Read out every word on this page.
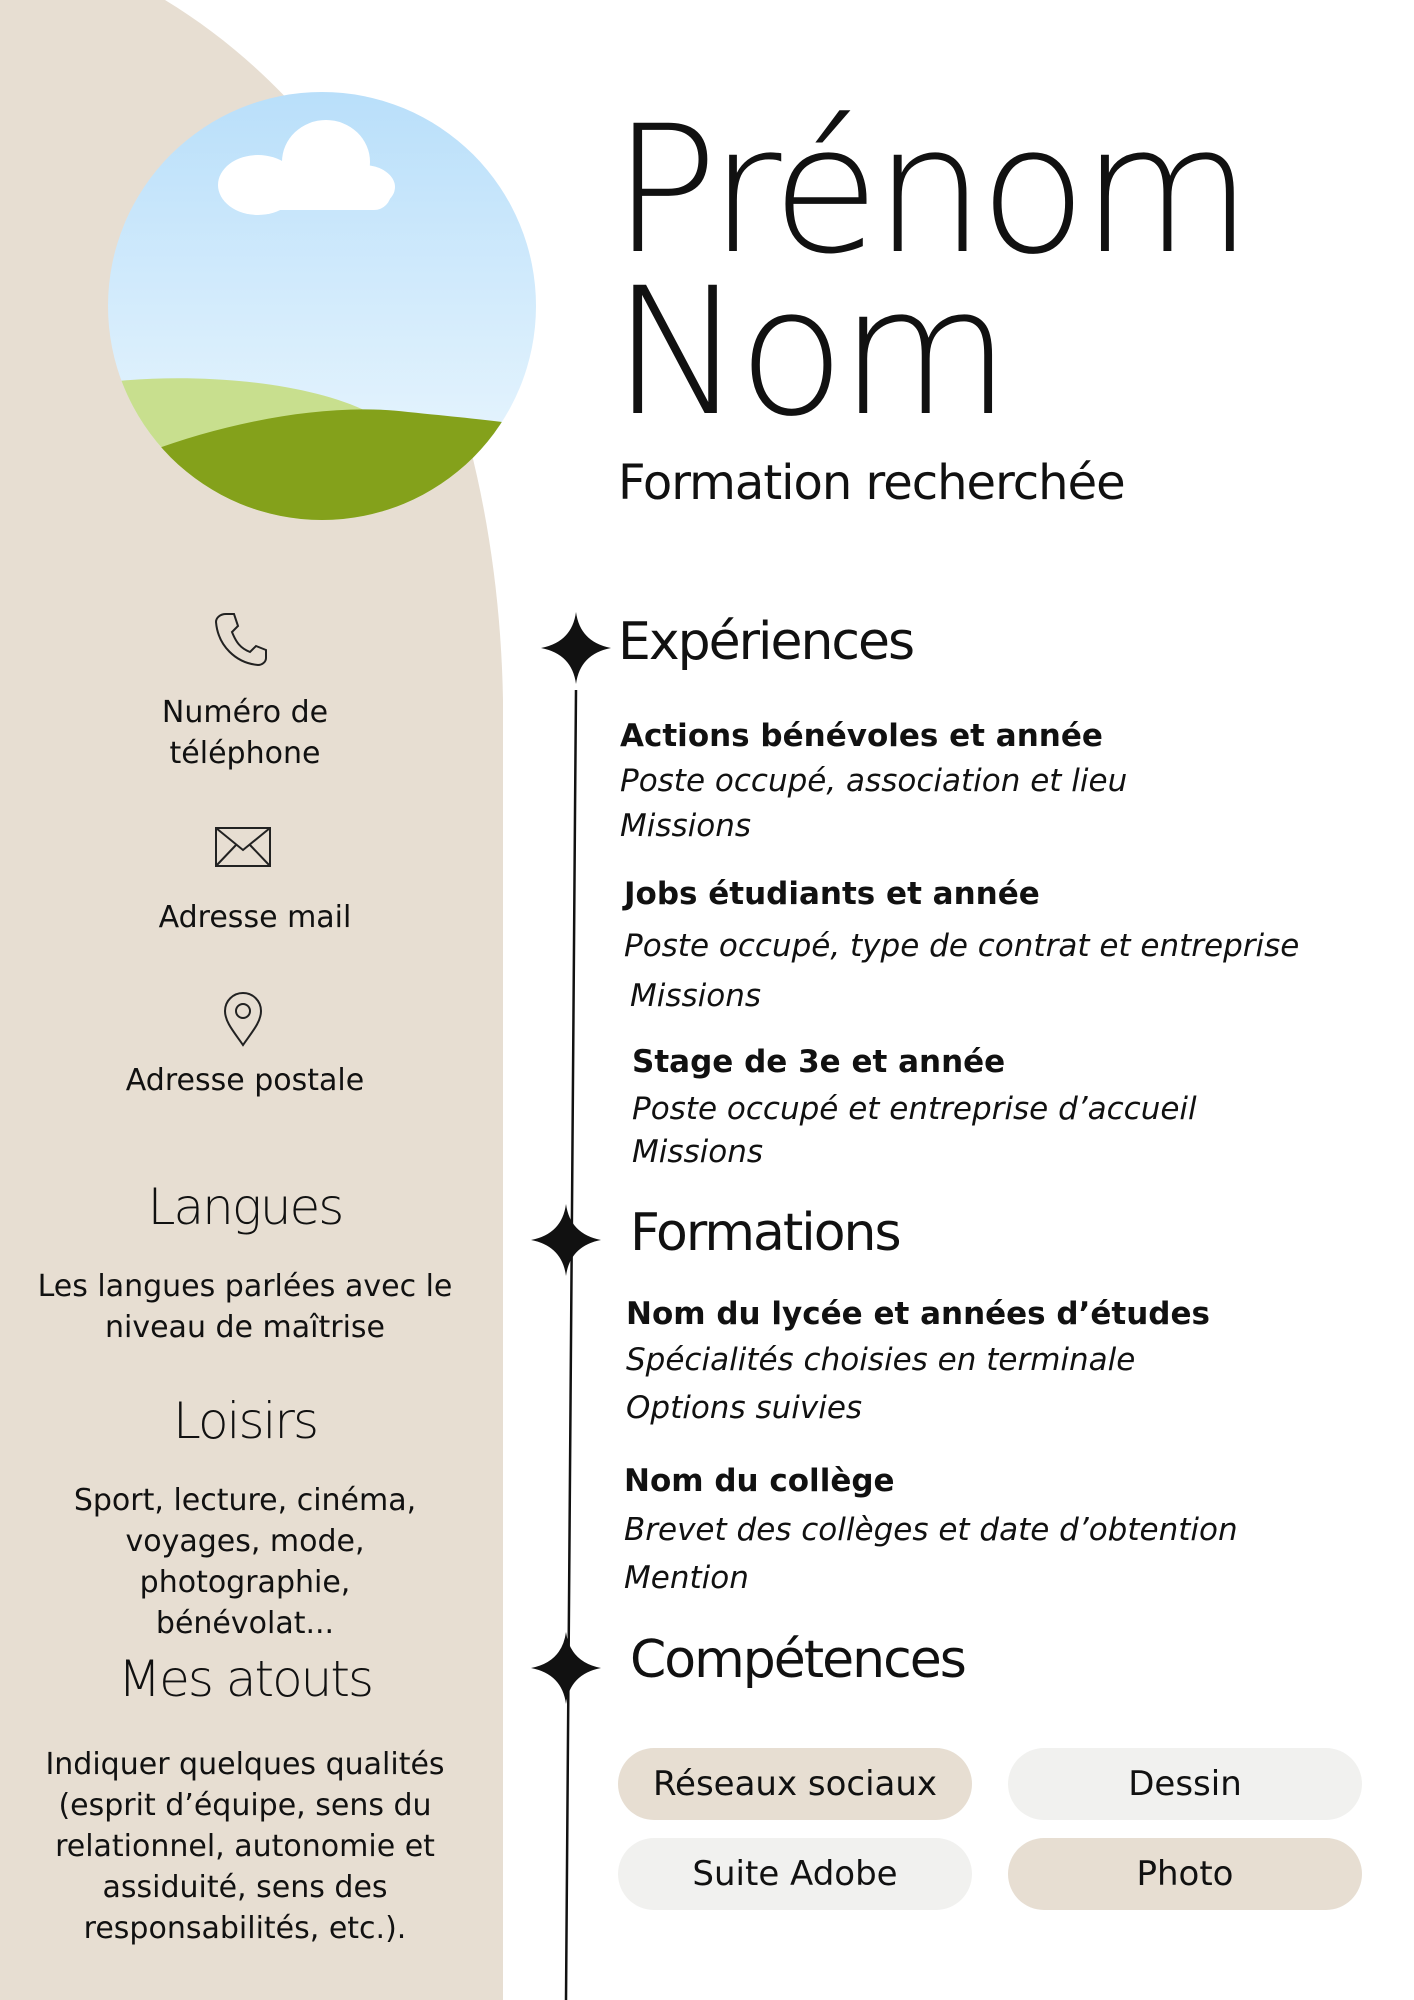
Numéro de
téléphone
Adresse mail
Adresse postale
Langues
Les langues parlées avec le niveau de maîtrise
Loisirs
Sport, lecture, cinéma, voyages, mode, photographie, bénévolat...
Mes atouts
Indiquer quelques qualités (esprit d’équipe, sens du relationnel, autonomie et assiduité, sens des responsabilités, etc.).
Prénom
Nom
Formation recherchée
Expériences
Actions bénévoles et année
Poste occupé, association et lieu
Missions
Jobs étudiants et année
Poste occupé, type de contrat et entreprise
Missions
Stage de 3e et année
Poste occupé et entreprise d’accueil
Missions
Formations
Nom du lycée et années d’études
Spécialités choisies en terminale
Options suivies
Nom du collège
Brevet des collèges et date d’obtention
Mention
Compétences
Réseaux sociaux	Dessin
Suite Adobe	Photo
